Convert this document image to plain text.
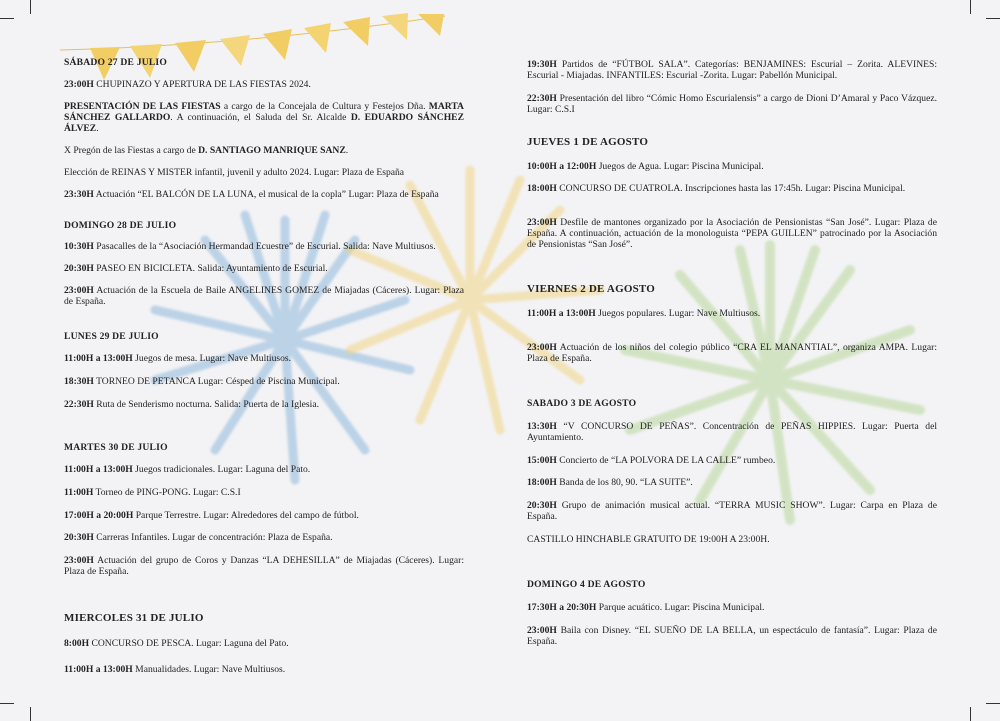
SÁBADO 27 DE JULIO

23:00H CHUPINAZO Y APERTURA DE LAS FIESTAS 2024.

PRESENTACIÓN DE LAS FIESTAS a cargo de la Concejala de Cultura y Festejos Dña. MARTA SÁNCHEZ GALLARDO. A continuación, el Saluda del Sr. Alcalde D. EDUARDO SÁNCHEZ ÁLVEZ.

X Pregón de las Fiestas a cargo de D. SANTIAGO MANRIQUE SANZ.

Elección de REINAS Y MISTER infantil, juvenil y adulto 2024. Lugar: Plaza de España

23:30H Actuación “EL BALCÓN DE LA LUNA, el musical de la copla” Lugar: Plaza de España

DOMINGO 28 DE JULIO

10:30H Pasacalles de la “Asociación Hermandad Ecuestre” de Escurial. Salida: Nave Multiusos.

20:30H PASEO EN BICICLETA. Salida: Ayuntamiento de Escurial.

23:00H Actuación de la Escuela de Baile ANGELINES GOMEZ de Miajadas (Cáceres). Lugar: Plaza de España.

LUNES 29 DE JULIO

11:00H a 13:00H Juegos de mesa. Lugar: Nave Multiusos.

18:30H TORNEO DE PETANCA Lugar: Césped de Piscina Municipal.

22:30H Ruta de Senderismo nocturna. Salida: Puerta de la Iglesia.

MARTES 30 DE JULIO

11:00H a 13:00H Juegos tradicionales. Lugar: Laguna del Pato.

11:00H Torneo de PING-PONG. Lugar: C.S.I

17:00H a 20:00H Parque Terrestre. Lugar: Alrededores del campo de fútbol.

20:30H Carreras Infantiles. Lugar de concentración: Plaza de España.

23:00H Actuación del grupo de Coros y Danzas “LA DEHESILLA” de Miajadas (Cáceres). Lugar: Plaza de España.

MIERCOLES 31 DE JULIO

8:00H CONCURSO DE PESCA. Lugar: Laguna del Pato.

11:00H a 13:00H Manualidades. Lugar: Nave Multiusos.

19:30H Partidos de “FÚTBOL SALA”. Categorías: BENJAMINES: Escurial – Zorita. ALEVINES: Escurial - Miajadas. INFANTILES: Escurial -Zorita. Lugar: Pabellón Municipal.

22:30H Presentación del libro “Cómic Homo Escurialensis” a cargo de Dioni D’Amaral y Paco Vázquez. Lugar: C.S.I

JUEVES 1 DE AGOSTO

10:00H a 12:00H Juegos de Agua. Lugar: Piscina Municipal.

18:00H CONCURSO DE CUATROLA. Inscripciones hasta las 17:45h. Lugar: Piscina Municipal.

23:00H Desfile de mantones organizado por la Asociación de Pensionistas “San José”. Lugar: Plaza de España. A continuación, actuación de la monologuista “PEPA GUILLEN” patrocinado por la Asociación de Pensionistas “San José”.

VIERNES 2 DE AGOSTO

11:00H a 13:00H Juegos populares. Lugar: Nave Multiusos.

23:00H Actuación de los niños del colegio público “CRA EL MANANTIAL”, organiza AMPA. Lugar: Plaza de España.

SABADO 3 DE AGOSTO

13:30H “V CONCURSO DE PEÑAS”. Concentración de PEÑAS HIPPIES. Lugar: Puerta del Ayuntamiento.

15:00H Concierto de “LA POLVORA DE LA CALLE” rumbeo.

18:00H Banda de los 80, 90. “LA SUITE”.

20:30H Grupo de animación musical actual. “TERRA MUSIC SHOW”. Lugar: Carpa en Plaza de España.

CASTILLO HINCHABLE GRATUITO DE 19:00H A 23:00H.

DOMINGO 4 DE AGOSTO

17:30H a 20:30H Parque acuático. Lugar: Piscina Municipal.

23:00H Baila con Disney. “EL SUEÑO DE LA BELLA, un espectáculo de fantasía”. Lugar: Plaza de España.
